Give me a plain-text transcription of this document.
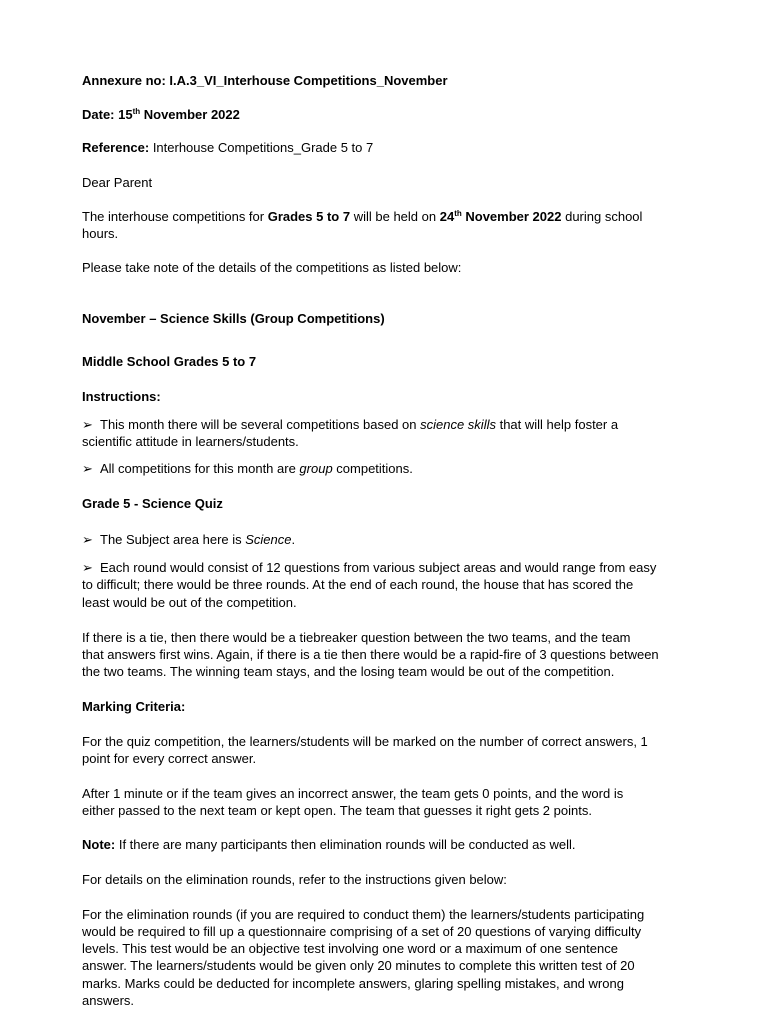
Annexure no: I.A.3_VI_Interhouse Competitions_November

Date: 15th November 2022

Reference: Interhouse Competitions_Grade 5 to 7

Dear Parent

The interhouse competitions for Grades 5 to 7 will be held on 24th November 2022 during school

hours.

Please take note of the details of the competitions as listed below:

November – Science Skills (Group Competitions)

Middle School Grades 5 to 7

Instructions:

➢ This month there will be several competitions based on science skills that will help foster a

scientific attitude in learners/students.

➢ All competitions for this month are group competitions.

Grade 5 - Science Quiz

➢ The Subject area here is Science.

➢ Each round would consist of 12 questions from various subject areas and would range from easy

to difficult; there would be three rounds. At the end of each round, the house that has scored the

least would be out of the competition.

If there is a tie, then there would be a tiebreaker question between the two teams, and the team

that answers first wins. Again, if there is a tie then there would be a rapid-fire of 3 questions between

the two teams. The winning team stays, and the losing team would be out of the competition.

Marking Criteria:

For the quiz competition, the learners/students will be marked on the number of correct answers, 1

point for every correct answer.

After 1 minute or if the team gives an incorrect answer, the team gets 0 points, and the word is

either passed to the next team or kept open. The team that guesses it right gets 2 points.

Note: If there are many participants then elimination rounds will be conducted as well.

For details on the elimination rounds, refer to the instructions given below:

For the elimination rounds (if you are required to conduct them) the learners/students participating

would be required to fill up a questionnaire comprising of a set of 20 questions of varying difficulty

levels. This test would be an objective test involving one word or a maximum of one sentence

answer. The learners/students would be given only 20 minutes to complete this written test of 20

marks. Marks could be deducted for incomplete answers, glaring spelling mistakes, and wrong

answers.
